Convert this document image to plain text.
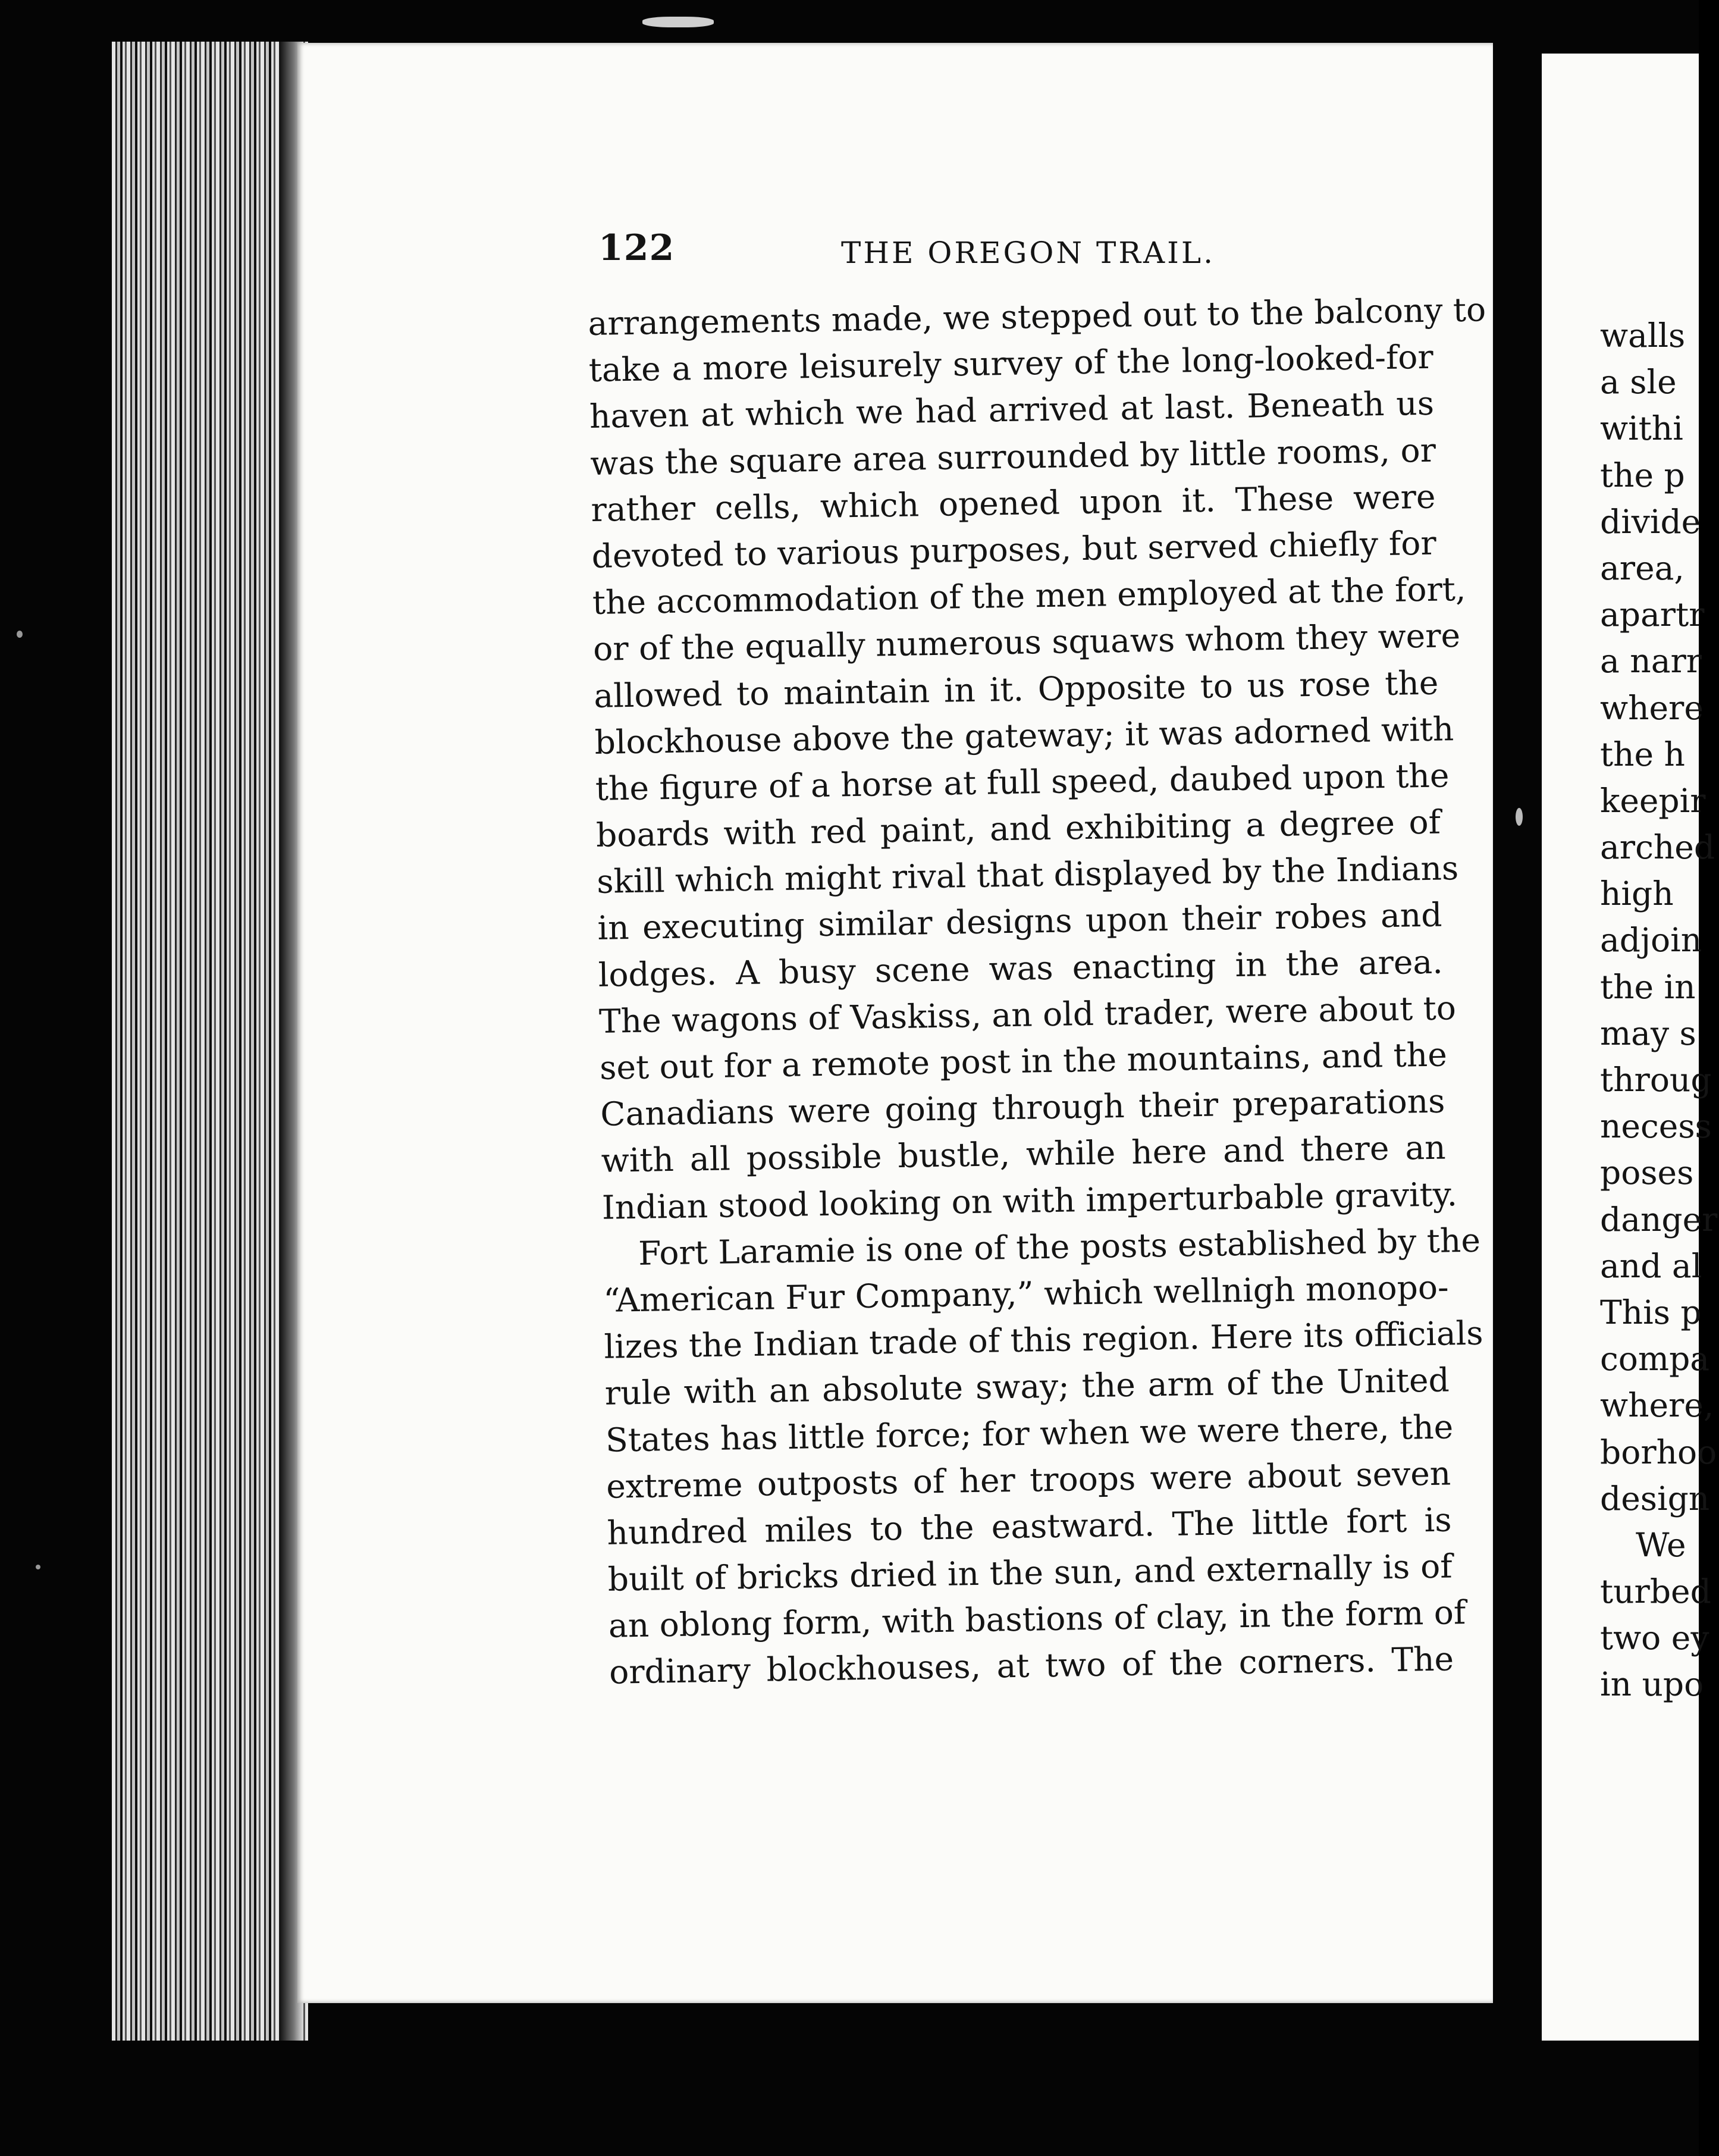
122	THE OREGON TRAIL.
arrangements made, we stepped out to the balcony to
take a more leisurely survey of the long-looked-for
haven at which we had arrived at last. Beneath us
was the square area surrounded by little rooms, or
rather cells, which opened upon it. These were
devoted to various purposes, but served chiefly for
the accommodation of the men employed at the fort,
or of the equally numerous squaws whom they were
allowed to maintain in it. Opposite to us rose the
blockhouse above the gateway; it was adorned with
the figure of a horse at full speed, daubed upon the
boards with red paint, and exhibiting a degree of
skill which might rival that displayed by the Indians
in executing similar designs upon their robes and
lodges. A busy scene was enacting in the area.
The wagons of Vaskiss, an old trader, were about to
set out for a remote post in the mountains, and the
Canadians were going through their preparations
with all possible bustle, while here and there an
Indian stood looking on with imperturbable gravity.
Fort Laramie is one of the posts established by the
“American Fur Company,” which wellnigh monopo-
lizes the Indian trade of this region. Here its officials
rule with an absolute sway; the arm of the United
States has little force; for when we were there, the
extreme outposts of her troops were about seven
hundred miles to the eastward. The little fort is
built of bricks dried in the sun, and externally is of
an oblong form, with bastions of clay, in the form of
ordinary blockhouses, at two of the corners. The
walls
a sle
withi
the p
divide
area,
apartr
a narr
where
the h
keepir
arched
high
adjoin
the in
may s
throug
necess
poses
danger
and al
This p
compa
where,
borhoo
design
We
turbed
two ey
in upo
